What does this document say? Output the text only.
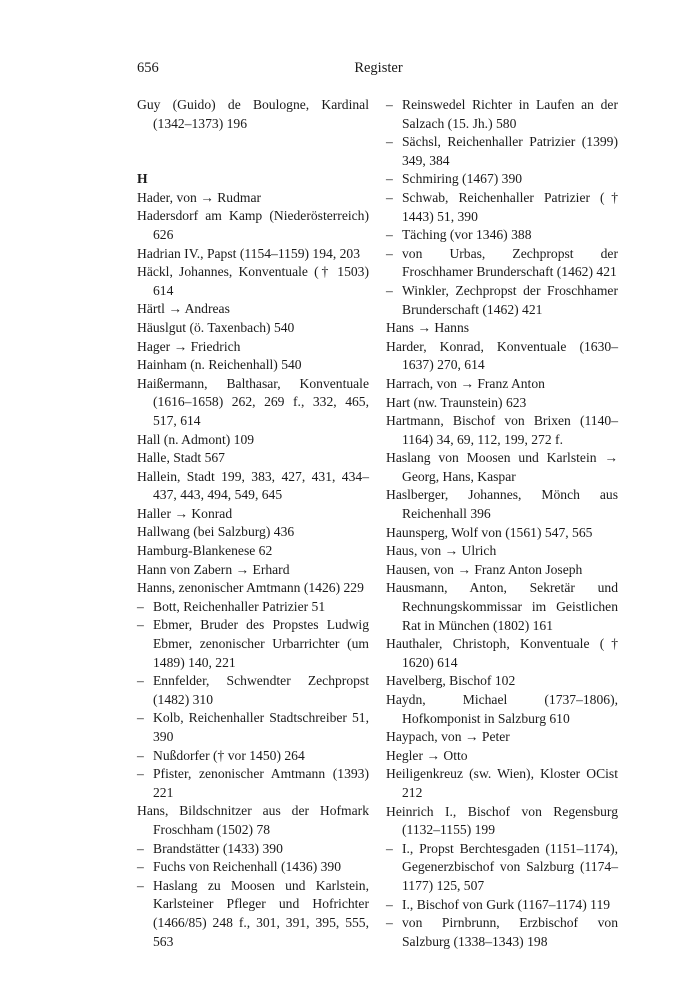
656	Register
Guy (Guido) de Boulogne, Kardinal (1342–1373) 196
H
Hader, von → Rudmar
Hadersdorf am Kamp (Niederösterreich) 626
Hadrian IV., Papst (1154–1159) 194, 203
Häckl, Johannes, Konventuale († 1503) 614
Härtl → Andreas
Häuslgut (ö. Taxenbach) 540
Hager → Friedrich
Hainham (n. Reichenhall) 540
Haißermann, Balthasar, Konventuale (1616–1658) 262, 269 f., 332, 465, 517, 614
Hall (n. Admont) 109
Halle, Stadt 567
Hallein, Stadt 199, 383, 427, 431, 434–437, 443, 494, 549, 645
Haller → Konrad
Hallwang (bei Salzburg) 436
Hamburg-Blankenese 62
Hann von Zabern → Erhard
Hanns, zenonischer Amtmann (1426) 229
– Bott, Reichenhaller Patrizier 51
– Ebmer, Bruder des Propstes Ludwig Ebmer, zenonischer Urbarrichter (um 1489) 140, 221
– Ennfelder, Schwendter Zechpropst (1482) 310
– Kolb, Reichenhaller Stadtschreiber 51, 390
– Nußdorfer († vor 1450) 264
– Pfister, zenonischer Amtmann (1393) 221
Hans, Bildschnitzer aus der Hofmark Froschham (1502) 78
– Brandstätter (1433) 390
– Fuchs von Reichenhall (1436) 390
– Haslang zu Moosen und Karlstein, Karlsteiner Pfleger und Hofrichter (1466/85) 248 f., 301, 391, 395, 555, 563
– Reinswedel Richter in Laufen an der Salzach (15. Jh.) 580
– Sächsl, Reichenhaller Patrizier (1399) 349, 384
– Schmiring (1467) 390
– Schwab, Reichenhaller Patrizier († 1443) 51, 390
– Täching (vor 1346) 388
– von Urbas, Zechpropst der Froschhamer Brunderschaft (1462) 421
– Winkler, Zechpropst der Froschhamer Brunderschaft (1462) 421
Hans → Hanns
Harder, Konrad, Konventuale (1630–1637) 270, 614
Harrach, von → Franz Anton
Hart (nw. Traunstein) 623
Hartmann, Bischof von Brixen (1140–1164) 34, 69, 112, 199, 272 f.
Haslang von Moosen und Karlstein → Georg, Hans, Kaspar
Haslberger, Johannes, Mönch aus Reichenhall 396
Haunsperg, Wolf von (1561) 547, 565
Haus, von → Ulrich
Hausen, von → Franz Anton Joseph
Hausmann, Anton, Sekretär und Rechnungskommissar im Geistlichen Rat in München (1802) 161
Hauthaler, Christoph, Konventuale († 1620) 614
Havelberg, Bischof 102
Haydn, Michael (1737–1806), Hofkomponist in Salzburg 610
Haypach, von → Peter
Hegler → Otto
Heiligenkreuz (sw. Wien), Kloster OCist 212
Heinrich I., Bischof von Regensburg (1132–1155) 199
– I., Propst Berchtesgaden (1151–1174), Gegenerzbischof von Salzburg (1174–1177) 125, 507
– I., Bischof von Gurk (1167–1174) 119
– von Pirnbrunn, Erzbischof von Salzburg (1338–1343) 198
